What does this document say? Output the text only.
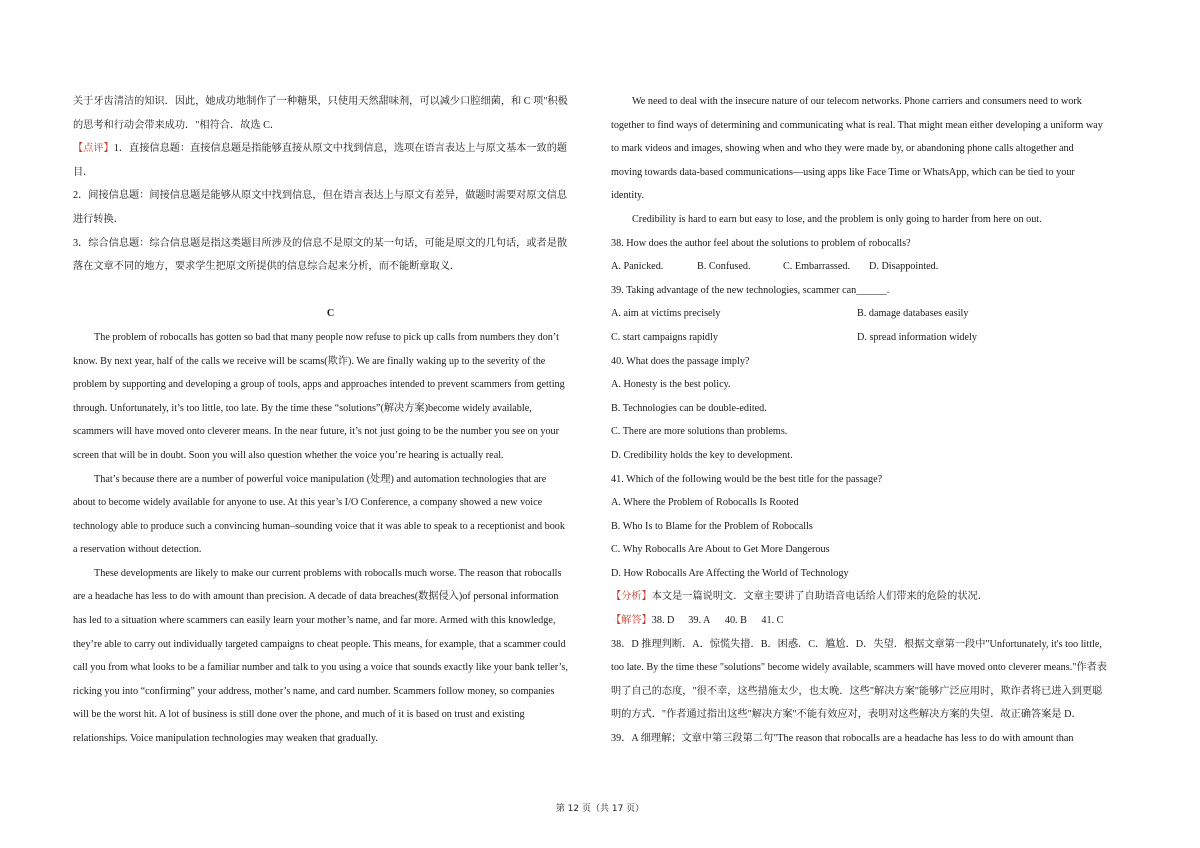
关于牙齿清洁的知识．因此，她成功地制作了一种糖果，只使用天然甜味剂，可以减少口腔细菌，和 C 项"积极

的思考和行动会带来成功．"相符合．故选 C．

【点评】1．直接信息题：直接信息题是指能够直接从原文中找到信息，选项在语言表达上与原文基本一致的题

目．

2．间接信息题：间接信息题是能够从原文中找到信息，但在语言表达上与原文有差异，做题时需要对原文信息

进行转换．

3．综合信息题：综合信息题是指这类题目所涉及的信息不是原文的某一句话，可能是原文的几句话，或者是散

落在文章不同的地方，要求学生把原文所提供的信息综合起来分析，而不能断章取义．

C

The problem of robocalls has gotten so bad that many people now refuse to pick up calls from numbers they don’t

know. By next year, half of the calls we receive will be scams(欺诈). We are finally waking up to the severity of the

problem by supporting and developing a group of tools, apps and approaches intended to prevent scammers from getting

through. Unfortunately, it’s too little, too late. By the time these “solutions”(解决方案)become widely available,

scammers will have moved onto cleverer means. In the near future, it’s not just going to be the number you see on your

screen that will be in doubt. Soon you will also question whether the voice you’re hearing is actually real.

That’s because there are a number of powerful voice manipulation (处理) and automation technologies that are

about to become widely available for anyone to use. At this year’s I/O Conference, a company showed a new voice

technology able to produce such a convincing human–sounding voice that it was able to speak to a receptionist and book

a reservation without detection.

These developments are likely to make our current problems with robocalls much worse. The reason that robocalls

are a headache has less to do with amount than precision. A decade of data breaches(数据侵入)of personal information

has led to a situation where scammers can easily learn your mother’s name, and far more. Armed with this knowledge,

they’re able to carry out individually targeted campaigns to cheat people. This means, for example, that a scammer could

call you from what looks to be a familiar number and talk to you using a voice that sounds exactly like your bank teller’s,

ricking you into “confirming” your address, mother’s name, and card number. Scammers follow money, so companies

will be the worst hit. A lot of business is still done over the phone, and much of it is based on trust and existing

relationships. Voice manipulation technologies may weaken that gradually.

We need to deal with the insecure nature of our telecom networks. Phone carriers and consumers need to work

together to find ways of determining and communicating what is real. That might mean either developing a uniform way

to mark videos and images, showing when and who they were made by, or abandoning phone calls altogether and

moving towards data-based communications—using apps like Face Time or WhatsApp, which can be tied to your

identity.

Credibility is hard to earn but easy to lose, and the problem is only going to harder from here on out.

38. How does the author feel about the solutions to problem of robocalls?

A. Panicked.	B. Confused.	C. Embarrassed.	D. Disappointed.

39. Taking advantage of the new technologies, scammer can______.

A. aim at victims precisely	B. damage databases easily
C. start campaigns rapidly	D. spread information widely

40. What does the passage imply?

A. Honesty is the best policy.

B. Technologies can be double-edited.

C. There are more solutions than problems.

D. Credibility holds the key to development.

41. Which of the following would be the best title for the passage?

A. Where the Problem of Robocalls Is Rooted

B. Who Is to Blame for the Problem of Robocalls

C. Why Robocalls Are About to Get More Dangerous

D. How Robocalls Are Affecting the World of Technology

【分析】本文是一篇说明文．文章主要讲了自助语音电话给人们带来的危险的状况．

【解答】38. D 39. A 40. B 41. C

38．D 推理判断．A．惊慌失措．B．困惑．C．尴尬．D．失望．根据文章第一段中"Unfortunately, it's too little,

too late. By the time these "solutions" become widely available, scammers will have moved onto cleverer means."作者表

明了自己的态度，"很不幸，这些措施太少，也太晚．这些"解决方案"能够广泛应用时，欺诈者将已进入到更聪

明的方式．"作者通过指出这些"解决方案"不能有效应对，表明对这些解决方案的失望．故正确答案是 D．

39．A 细理解；文章中第三段第二句"The reason that robocalls are a headache has less to do with amount than

第 12 页（共 17 页）
